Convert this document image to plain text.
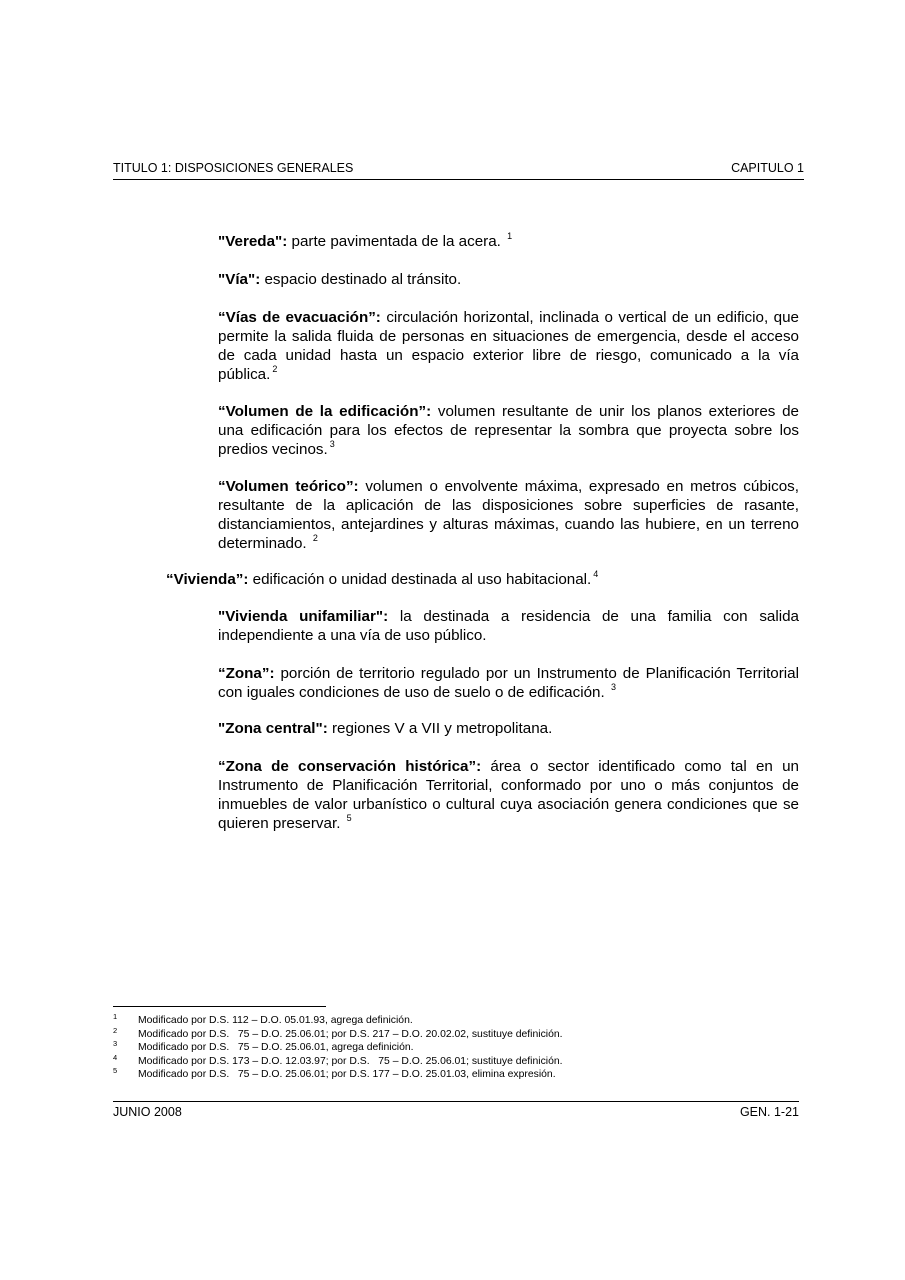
TITULO 1: DISPOSICIONES GENERALES	CAPITULO 1

"Vereda": parte pavimentada de la acera. $^1$

"Vía": espacio destinado al tránsito.

“Vías de evacuación”: circulación horizontal, inclinada o vertical de un edificio, que permite la salida fluida de personas en situaciones de emergencia, desde el acceso de cada unidad hasta un espacio exterior libre de riesgo, comunicado a la vía pública. $^2$

“Volumen de la edificación”: volumen resultante de unir los planos exteriores de una edificación para los efectos de representar la sombra que proyecta sobre los predios vecinos. $^3$

“Volumen teórico”: volumen o envolvente máxima, expresado en metros cúbicos, resultante de la aplicación de las disposiciones sobre superficies de rasante, distanciamientos, antejardines y alturas máximas, cuando las hubiere, en un terreno determinado. $^2$

“Vivienda”: edificación o unidad destinada al uso habitacional. $^4$

"Vivienda unifamiliar": la destinada a residencia de una familia con salida independiente a una vía de uso público.

“Zona”: porción de territorio regulado por un Instrumento de Planificación Territorial con iguales condiciones de uso de suelo o de edificación. $^3$

"Zona central": regiones V a VII y metropolitana.

“Zona de conservación histórica”: área o sector identificado como tal en un Instrumento de Planificación Territorial, conformado por uno o más conjuntos de inmuebles de valor urbanístico o cultural cuya asociación genera condiciones que se quieren preservar. $^5$

1 Modificado por D.S. 112 – D.O. 05.01.93, agrega definición.
2 Modificado por D.S.   75 – D.O. 25.06.01; por D.S. 217 – D.O. 20.02.02, sustituye definición.
3 Modificado por D.S.   75 – D.O. 25.06.01, agrega definición.
4 Modificado por D.S. 173 – D.O. 12.03.97; por D.S.   75 – D.O. 25.06.01; sustituye definición.
5 Modificado por D.S.   75 – D.O. 25.06.01; por D.S. 177 – D.O. 25.01.03, elimina expresión.
JUNIO 2008	GEN. 1-21
